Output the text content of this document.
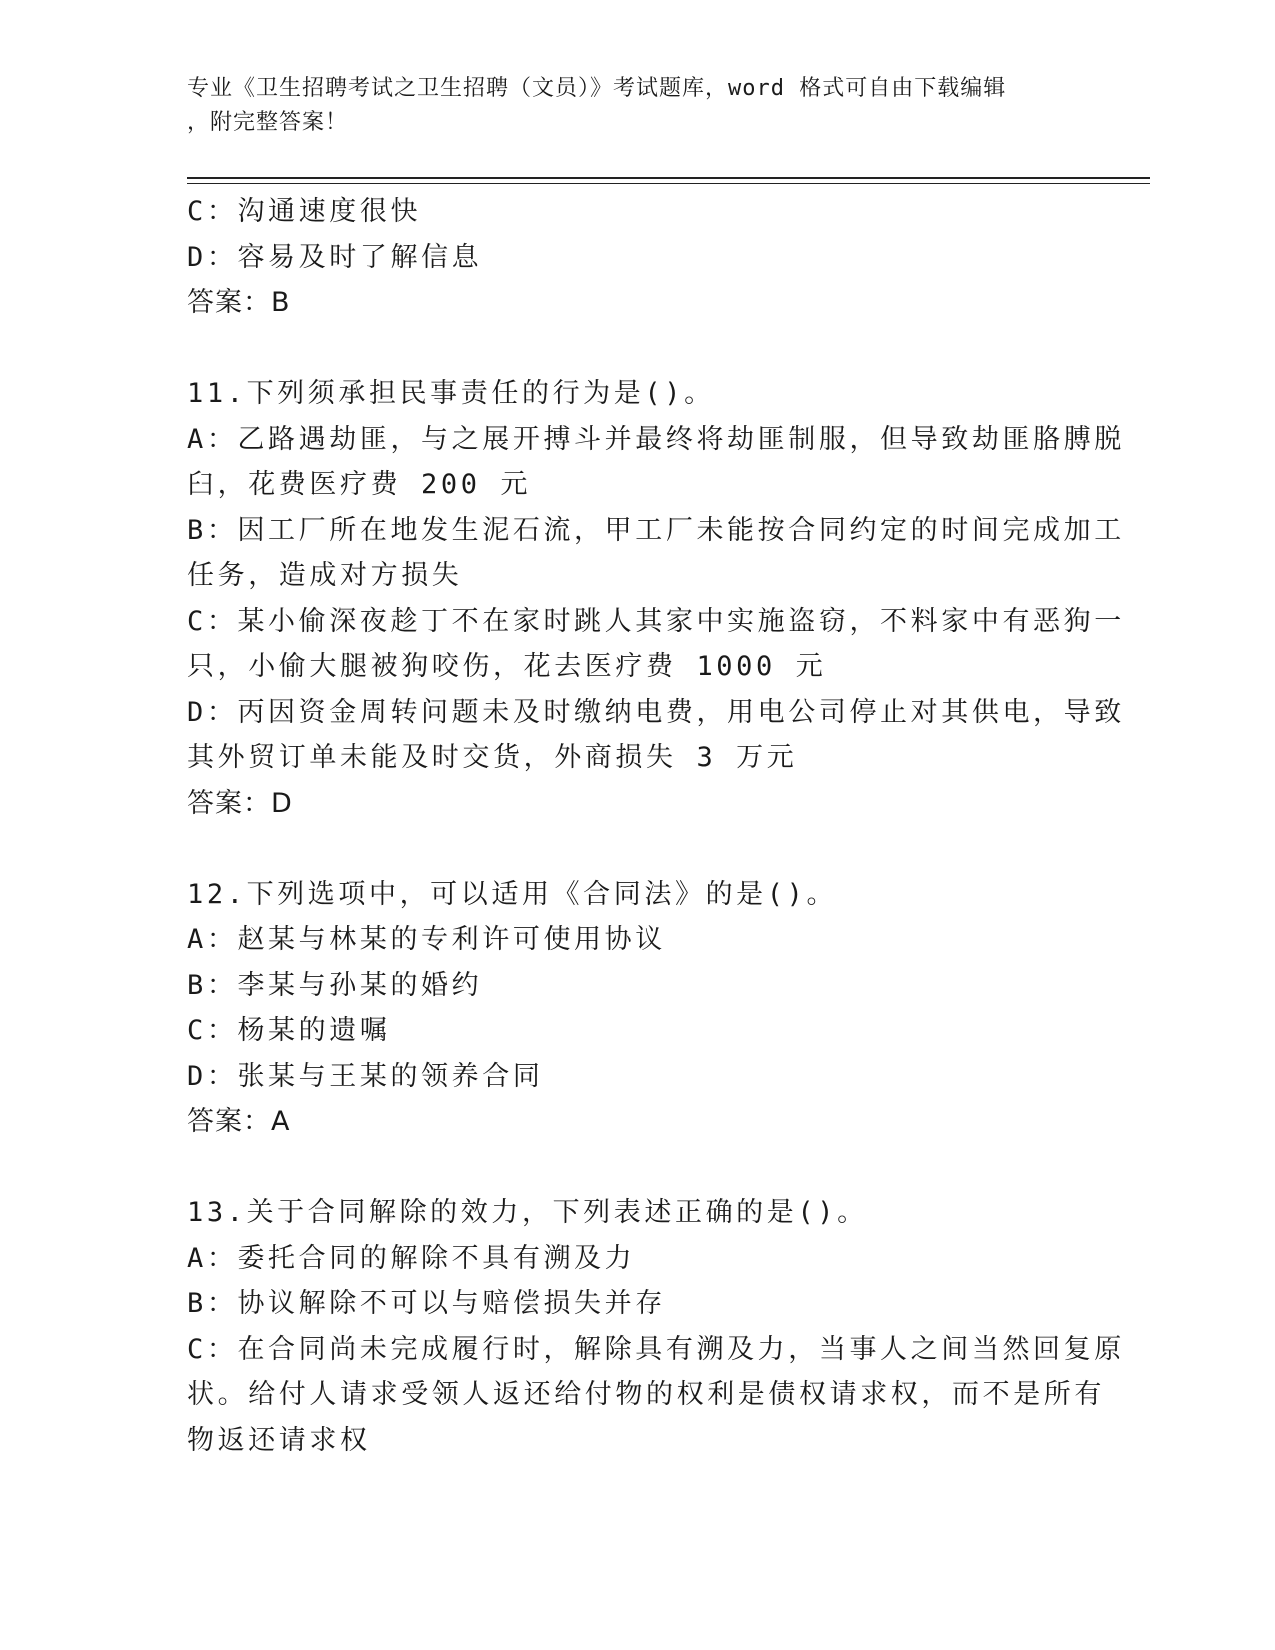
专业《卫生招聘考试之卫生招聘（文员）》考试题库，word 格式可自由下载编辑
，附完整答案！
C：沟通速度很快
D：容易及时了解信息
答案：B
11.下列须承担民事责任的行为是()。
A：乙路遇劫匪，与之展开搏斗并最终将劫匪制服，但导致劫匪胳膊脱
臼，花费医疗费 200 元
B：因工厂所在地发生泥石流，甲工厂未能按合同约定的时间完成加工
任务，造成对方损失
C：某小偷深夜趁丁不在家时跳人其家中实施盗窃，不料家中有恶狗一
只，小偷大腿被狗咬伤，花去医疗费 1000 元
D：丙因资金周转问题未及时缴纳电费，用电公司停止对其供电，导致
其外贸订单未能及时交货，外商损失 3 万元
答案：D
12.下列选项中，可以适用《合同法》的是()。
A：赵某与林某的专利许可使用协议
B：李某与孙某的婚约
C：杨某的遗嘱
D：张某与王某的领养合同
答案：A
13.关于合同解除的效力，下列表述正确的是()。
A：委托合同的解除不具有溯及力
B：协议解除不可以与赔偿损失并存
C：在合同尚未完成履行时，解除具有溯及力，当事人之间当然回复原
状。给付人请求受领人返还给付物的权利是债权请求权，而不是所有
物返还请求权
